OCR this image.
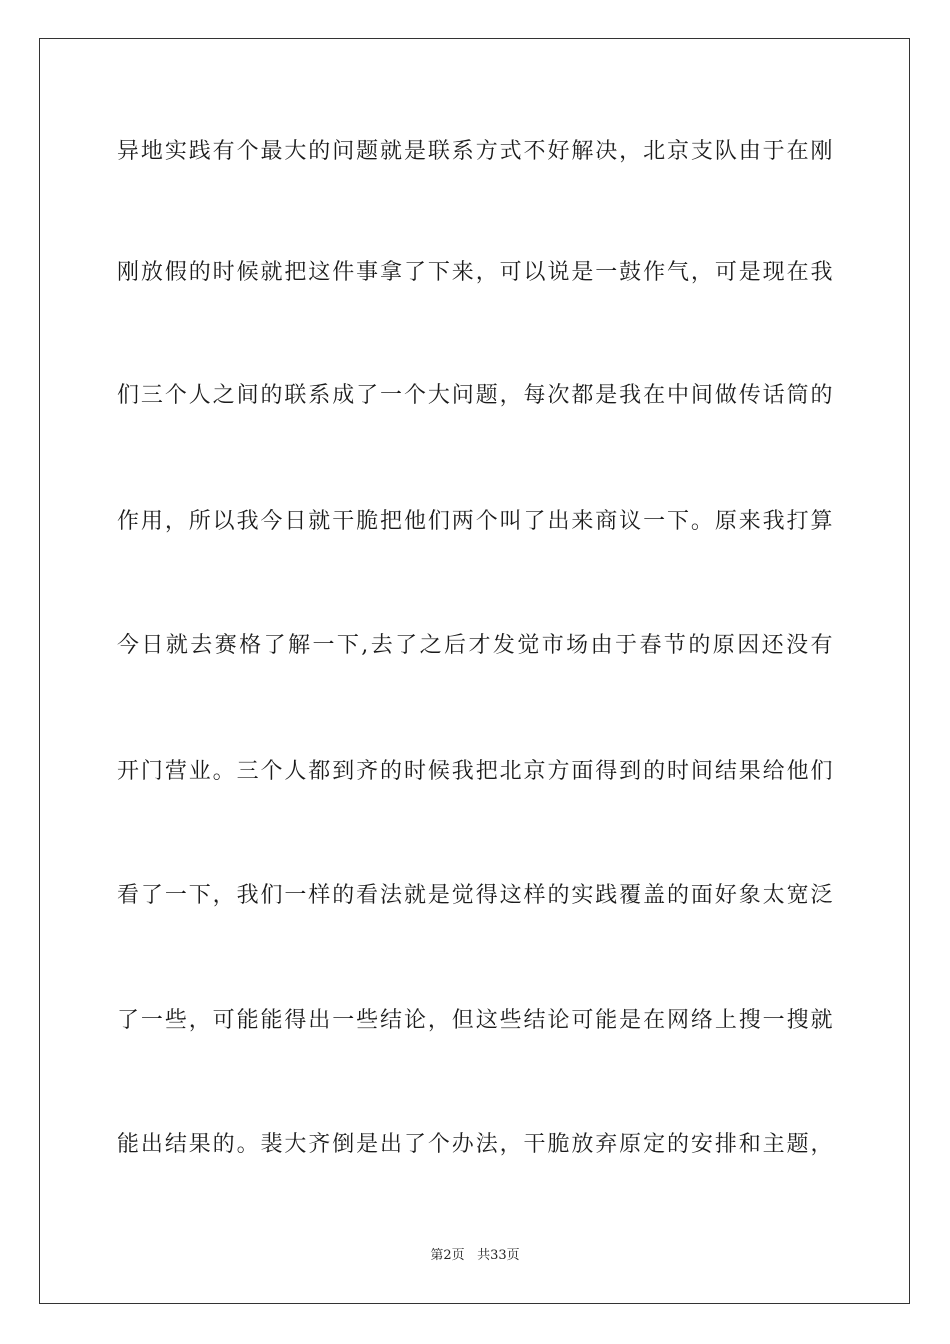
异地实践有个最大的问题就是联系方式不好解决，北京支队由于在刚
刚放假的时候就把这件事拿了下来，可以说是一鼓作气，可是现在我
们三个人之间的联系成了一个大问题，每次都是我在中间做传话筒的
作用，所以我今日就干脆把他们两个叫了出来商议一下。原来我打算
今日就去赛格了解一下,去了之后才发觉市场由于春节的原因还没有
开门营业。三个人都到齐的时候我把北京方面得到的时间结果给他们
看了一下，我们一样的看法就是觉得这样的实践覆盖的面好象太宽泛
了一些，可能能得出一些结论，但这些结论可能是在网络上搜一搜就
能出结果的。裴大齐倒是出了个办法，干脆放弃原定的安排和主题，
第2页 共33页
